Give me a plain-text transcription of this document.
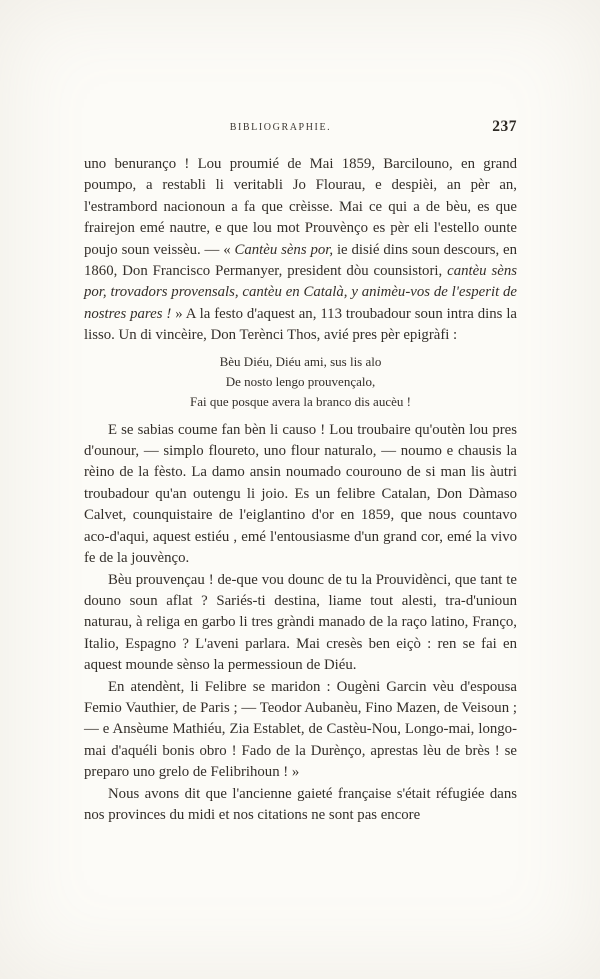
BIBLIOGRAPHIE.	237

uno benuranço ! Lou proumié de Mai 1859, Barcilouno, en grand poumpo, a restabli li veritabli Jo Flourau, e despièi, an pèr an, l'estrambord nacionoun a fa que crèisse. Mai ce qui a de bèu, es que frairejon emé nautre, e que lou mot Prouvènço es pèr eli l'estello ounte poujo soun veissèu. — « Cantèu sèns por, ie disié dins soun descours, en 1860, Don Francisco Permanyer, president dòu counsistori, cantèu sèns por, trovadors provensals, cantèu en Català, y animèu-vos de l'esperit de nostres pares ! » A la festo d'aquest an, 113 troubadour soun intra dins la lisso. Un di vincèire, Don Terènci Thos, avié pres pèr epigràfi :

Bèu Diéu, Diéu ami, sus lis alo
De nosto lengo prouvençalo,
Fai que posque avera la branco dis aucèu !

E se sabias coume fan bèn li causo ! Lou troubaire qu'outèn lou pres d'ounour, — simplo floureto, uno flour naturalo, — noumo e chausis la rèino de la fèsto. La damo ansin noumado courouno de si man lis àutri troubadour qu'an outengu li joio. Es un felibre Catalan, Don Dàmaso Calvet, counquistaire de l'eiglantino d'or en 1859, que nous countavo aco-d'aqui, aquest estiéu , emé l'entousiasme d'un grand cor, emé la vivo fe de la jouvènço.

Bèu prouvençau ! de-que vou dounc de tu la Prouvidènci, que tant te douno soun aflat ? Sariés-ti destina, liame tout alesti, tra-d'unioun naturau, à religa en garbo li tres gràndi manado de la raço latino, Franço, Italio, Espagno ? L'aveni parlara. Mai cresès ben eiçò : ren se fai en aquest mounde sènso la permessioun de Diéu.

En atendènt, li Felibre se maridon : Ougèni Garcin vèu d'espousa Femio Vauthier, de Paris ; — Teodor Aubanèu, Fino Mazen, de Veisoun ; — e Ansèume Mathiéu, Zia Establet, de Castèu-Nou, Longo-mai, longo-mai d'aquéli bonis obro ! Fado de la Durènço, aprestas lèu de brès ! se preparo uno grelo de Felibrihoun ! »

Nous avons dit que l'ancienne gaieté française s'était réfugiée dans nos provinces du midi et nos citations ne sont pas encore
